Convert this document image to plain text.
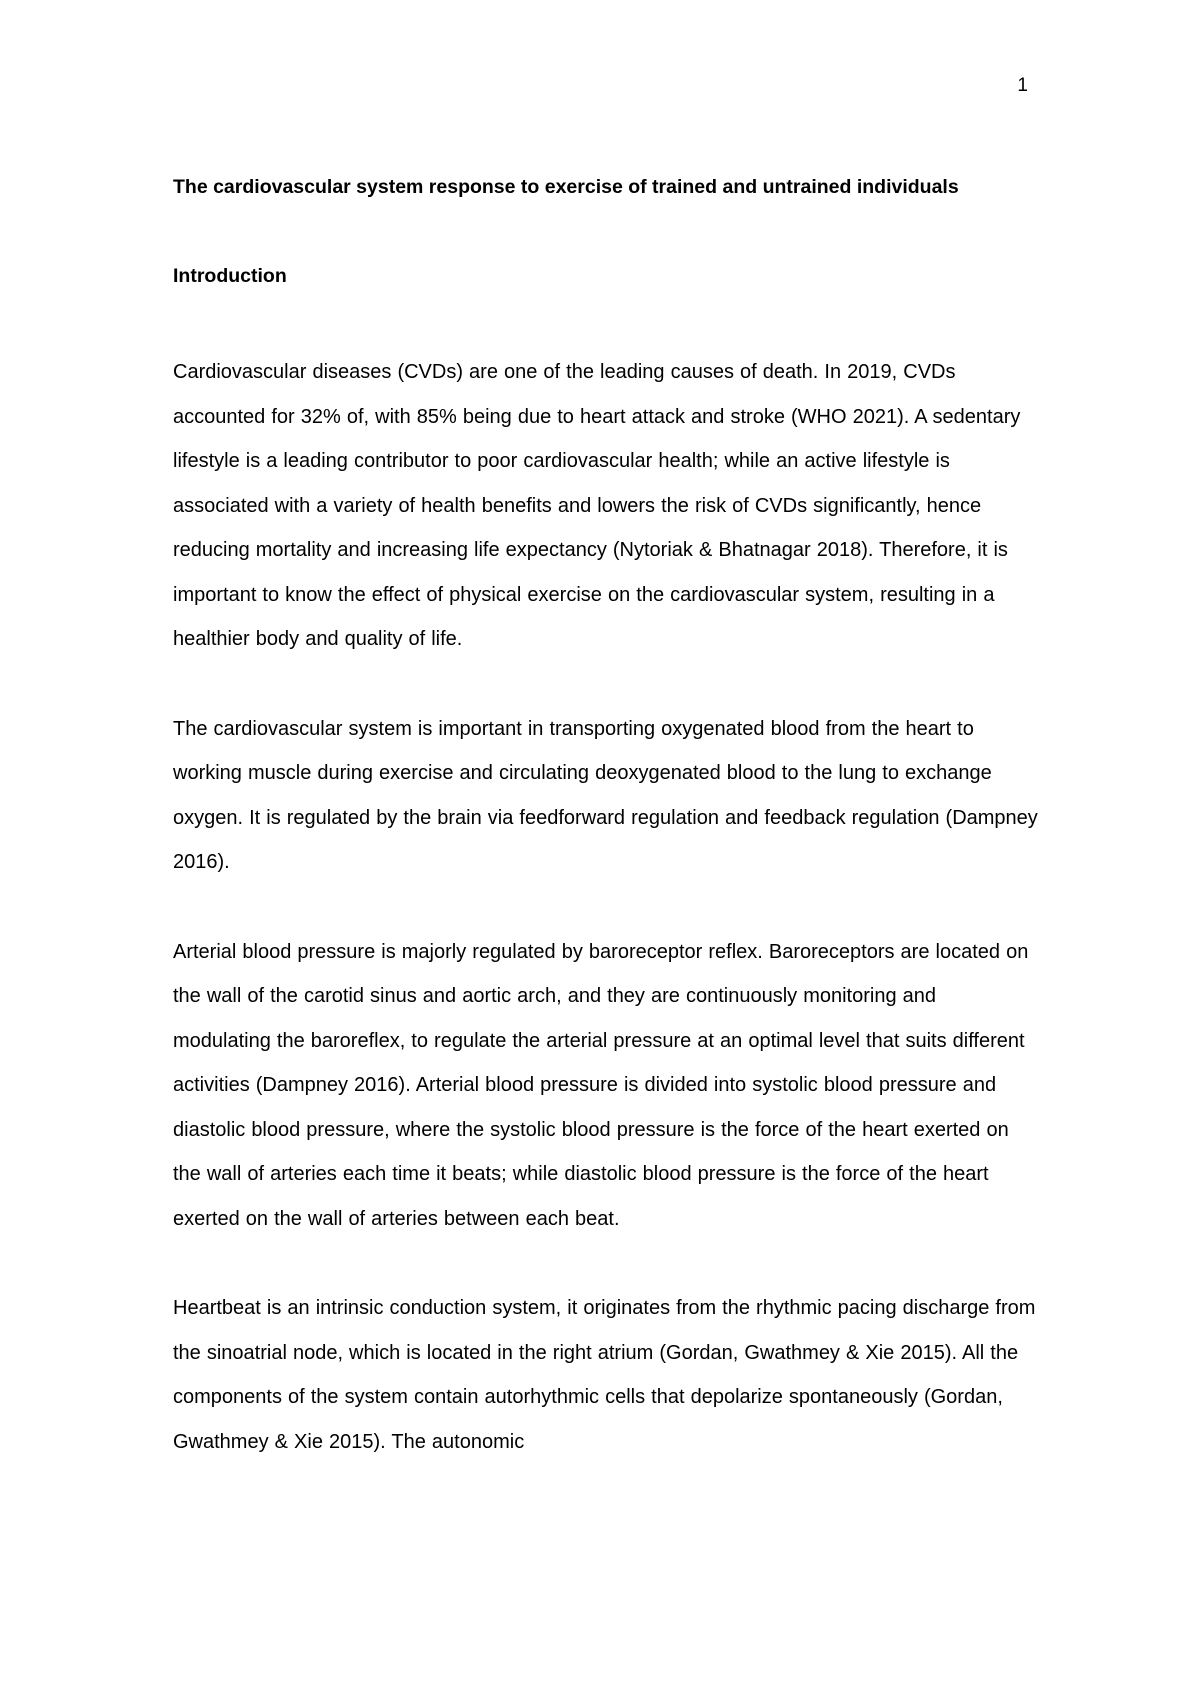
1
The cardiovascular system response to exercise of trained and untrained individuals
Introduction

Cardiovascular diseases (CVDs) are one of the leading causes of death. In 2019, CVDs accounted for 32% of, with 85% being due to heart attack and stroke (WHO 2021). A sedentary lifestyle is a leading contributor to poor cardiovascular health; while an active lifestyle is associated with a variety of health benefits and lowers the risk of CVDs significantly, hence reducing mortality and increasing life expectancy (Nytoriak & Bhatnagar 2018). Therefore, it is important to know the effect of physical exercise on the cardiovascular system, resulting in a healthier body and quality of life.

The cardiovascular system is important in transporting oxygenated blood from the heart to working muscle during exercise and circulating deoxygenated blood to the lung to exchange oxygen. It is regulated by the brain via feedforward regulation and feedback regulation (Dampney 2016).

Arterial blood pressure is majorly regulated by baroreceptor reflex. Baroreceptors are located on the wall of the carotid sinus and aortic arch, and they are continuously monitoring and modulating the baroreflex, to regulate the arterial pressure at an optimal level that suits different activities (Dampney 2016). Arterial blood pressure is divided into systolic blood pressure and diastolic blood pressure, where the systolic blood pressure is the force of the heart exerted on the wall of arteries each time it beats; while diastolic blood pressure is the force of the heart exerted on the wall of arteries between each beat.

Heartbeat is an intrinsic conduction system, it originates from the rhythmic pacing discharge from the sinoatrial node, which is located in the right atrium (Gordan, Gwathmey & Xie 2015). All the components of the system contain autorhythmic cells that depolarize spontaneously (Gordan, Gwathmey & Xie 2015). The autonomic
